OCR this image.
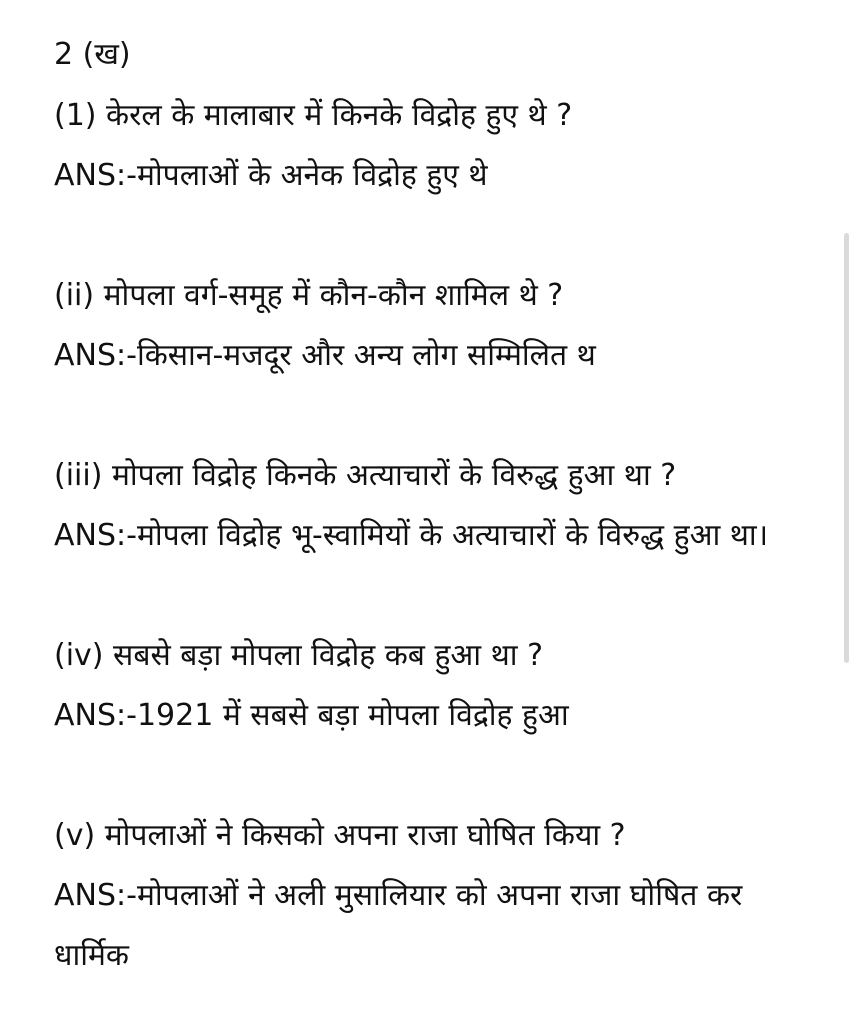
2 (ख)

(1) केरल के मालाबार में किनके विद्रोह हुए थे ?

ANS:-मोपलाओं के अनेक विद्रोह हुए थे

(ii) मोपला वर्ग-समूह में कौन-कौन शामिल थे ?

ANS:-किसान-मजदूर और अन्य लोग सम्मिलित थ

(iii) मोपला विद्रोह किनके अत्याचारों के विरुद्ध हुआ था ?

ANS:-मोपला विद्रोह भू-स्वामियों के अत्याचारों के विरुद्ध हुआ था।

(iv) सबसे बड़ा मोपला विद्रोह कब हुआ था ?

ANS:-1921 में सबसे बड़ा मोपला विद्रोह हुआ

(v) मोपलाओं ने किसको अपना राजा घोषित किया ?

ANS:-मोपलाओं ने अली मुसालियार को अपना राजा घोषित कर धार्मिक
